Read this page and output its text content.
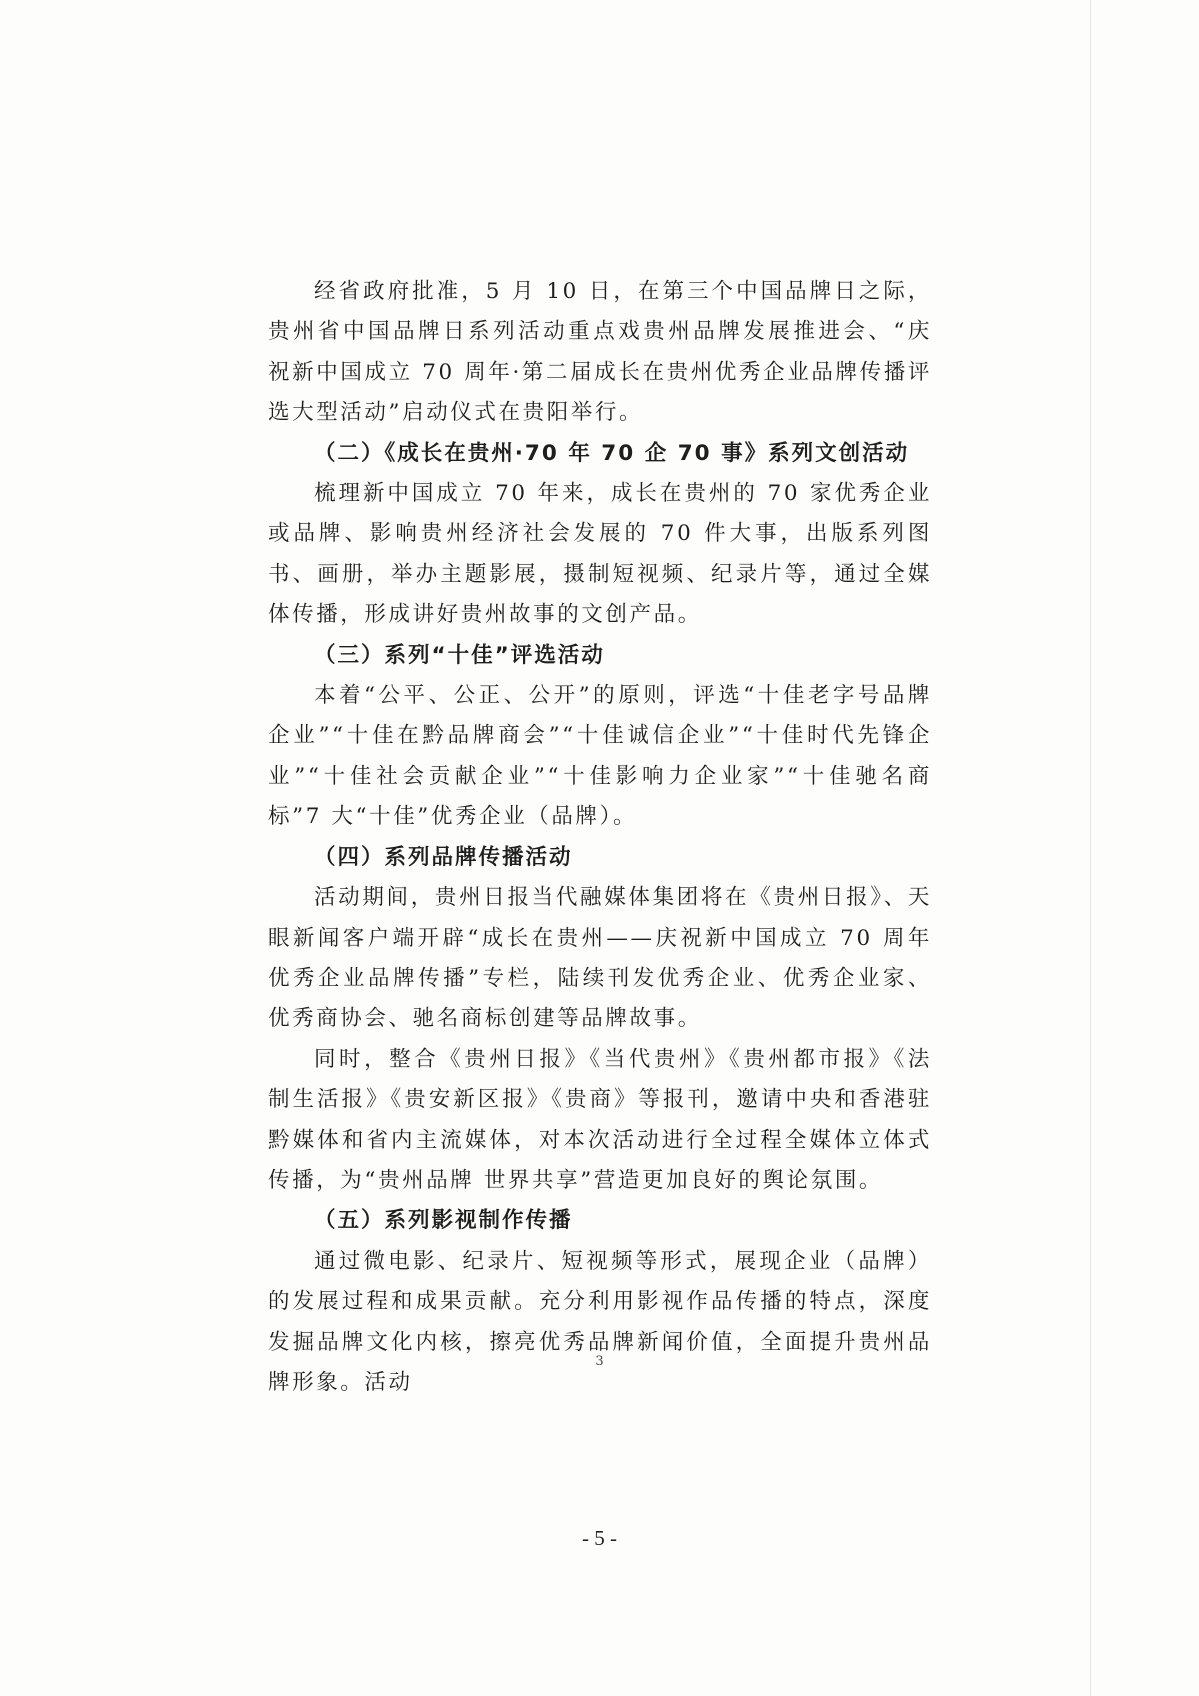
经省政府批准，5 月 10 日，在第三个中国品牌日之际，贵州省中国品牌日系列活动重点戏贵州品牌发展推进会、“庆祝新中国成立 70 周年·第二届成长在贵州优秀企业品牌传播评选大型活动”启动仪式在贵阳举行。

（二）《成长在贵州·70 年 70 企 70 事》系列文创活动

梳理新中国成立 70 年来，成长在贵州的 70 家优秀企业或品牌、影响贵州经济社会发展的 70 件大事，出版系列图书、画册，举办主题影展，摄制短视频、纪录片等，通过全媒体传播，形成讲好贵州故事的文创产品。

（三）系列“十佳”评选活动

本着“公平、公正、公开”的原则，评选“十佳老字号品牌企业”“十佳在黔品牌商会”“十佳诚信企业”“十佳时代先锋企业”“十佳社会贡献企业”“十佳影响力企业家”“十佳驰名商标”7 大“十佳”优秀企业（品牌）。

（四）系列品牌传播活动

活动期间，贵州日报当代融媒体集团将在《贵州日报》、天眼新闻客户端开辟“成长在贵州——庆祝新中国成立 70 周年优秀企业品牌传播”专栏，陆续刊发优秀企业、优秀企业家、优秀商协会、驰名商标创建等品牌故事。

同时，整合《贵州日报》《当代贵州》《贵州都市报》《法制生活报》《贵安新区报》《贵商》等报刊，邀请中央和香港驻黔媒体和省内主流媒体，对本次活动进行全过程全媒体立体式传播，为“贵州品牌 世界共享”营造更加良好的舆论氛围。

（五）系列影视制作传播

通过微电影、纪录片、短视频等形式，展现企业（品牌）的发展过程和成果贡献。充分利用影视作品传播的特点，深度发掘品牌文化内核，擦亮优秀品牌新闻价值，全面提升贵州品牌形象。活动

3
- 5 -
